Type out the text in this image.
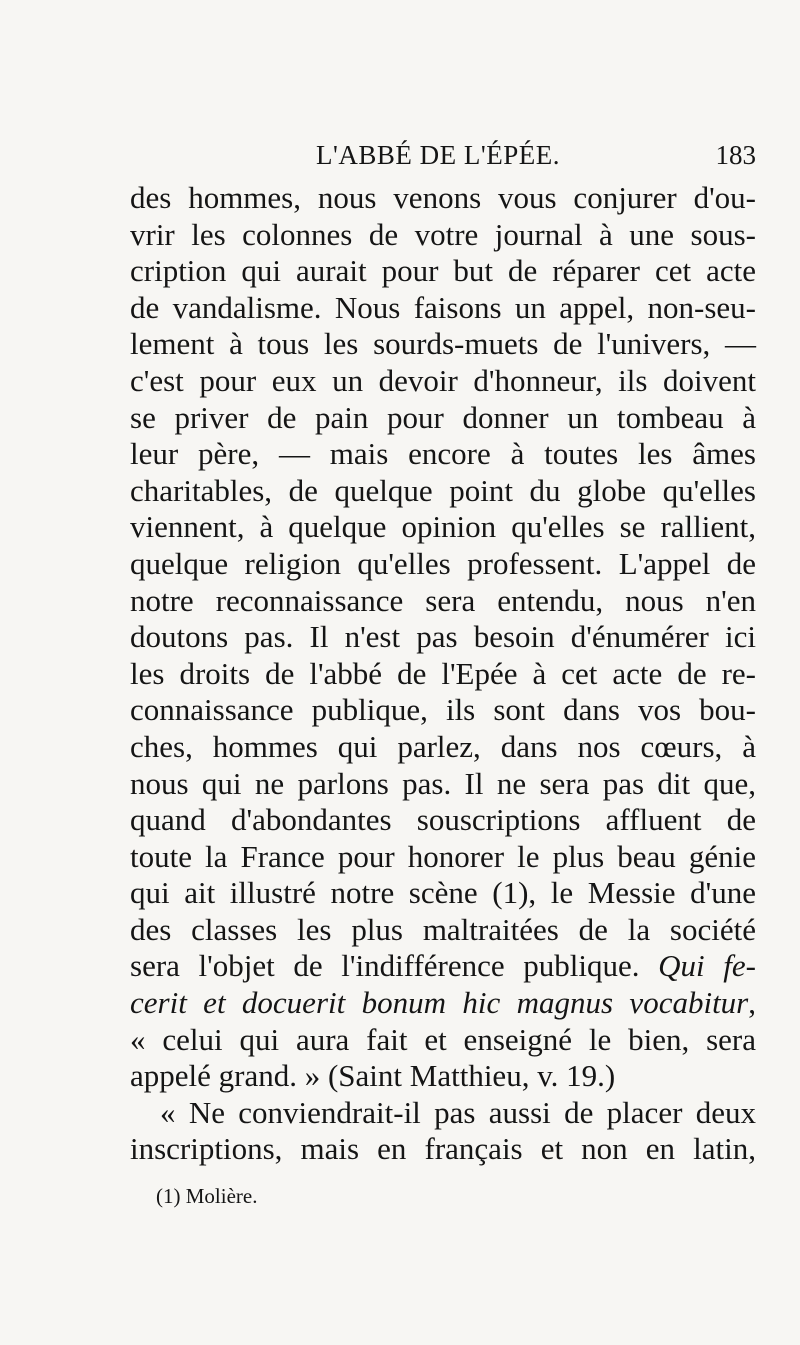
L'ABBÉ DE L'ÉPÉE.	183
des hommes, nous venons vous conjurer d'ou-
vrir les colonnes de votre journal à une sous-
cription qui aurait pour but de réparer cet acte
de vandalisme. Nous faisons un appel, non-seu-
lement à tous les sourds-muets de l'univers, —
c'est pour eux un devoir d'honneur, ils doivent
se priver de pain pour donner un tombeau à
leur père, — mais encore à toutes les âmes
charitables, de quelque point du globe qu'elles
viennent, à quelque opinion qu'elles se rallient,
quelque religion qu'elles professent. L'appel de
notre reconnaissance sera entendu, nous n'en
doutons pas. Il n'est pas besoin d'énumérer ici
les droits de l'abbé de l'Epée à cet acte de re-
connaissance publique, ils sont dans vos bou-
ches, hommes qui parlez, dans nos cœurs, à
nous qui ne parlons pas. Il ne sera pas dit que,
quand d'abondantes souscriptions affluent de
toute la France pour honorer le plus beau génie
qui ait illustré notre scène (1), le Messie d'une
des classes les plus maltraitées de la société
sera l'objet de l'indifférence publique. Qui fe-
cerit et docuerit bonum hic magnus vocabitur,
« celui qui aura fait et enseigné le bien, sera
appelé grand. » (Saint Matthieu, v. 19.)
« Ne conviendrait-il pas aussi de placer deux
inscriptions, mais en français et non en latin,
(1) Molière.
